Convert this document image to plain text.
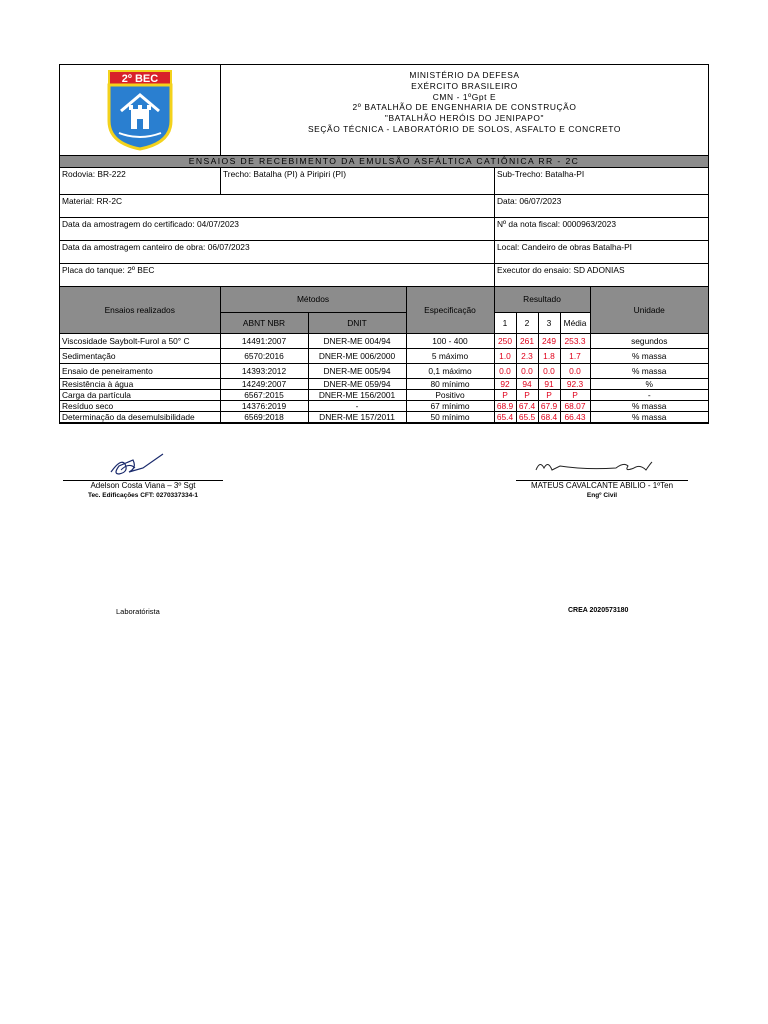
2º BEC	MINISTÉRIO DA DEFESA
EXÉRCITO BRASILEIRO
CMN - 1ºGpt E
2º BATALHÃO DE ENGENHARIA DE CONSTRUÇÃO
"BATALHÃO HERÓIS DO JENIPAPO"
SEÇÃO TÉCNICA - LABORATÓRIO DE SOLOS, ASFALTO E CONCRETO
ENSAIOS DE RECEBIMENTO DA EMULSÃO ASFÁLTICA CATIÔNICA RR - 2C
Rodovia: BR-222	Trecho: Batalha (PI) à Piripiri (PI)	Sub-Trecho: Batalha-PI
Material: RR-2C	Data: 06/07/2023
Data da amostragem do certificado: 04/07/2023	Nº da nota fiscal: 0000963/2023
Data da amostragem canteiro de obra: 06/07/2023	Local: Candeiro de obras Batalha-PI
Placa do tanque: 2º BEC	Executor do ensaio: SD ADONIAS
Ensaios realizados	Métodos		Especificação	Resultado				Unidade
	ABNT NBR	DNIT		1	2	3	Média	
Viscosidade Saybolt-Furol a 50° C	14491:2007	DNER-ME 004/94	100 - 400	250	261	249	253.3	segundos
Sedimentação	6570:2016	DNER-ME 006/2000	5 máximo	1.0	2.3	1.8	1.7	% massa
Ensaio de peneiramento	14393:2012	DNER-ME 005/94	0,1 máximo	0.0	0.0	0.0	0.0	% massa
Resistência à água	14249:2007	DNER-ME 059/94	80 mínimo	92	94	91	92.3	%
Carga da partícula	6567:2015	DNER-ME 156/2001	Positivo	P	P	P	P	-
Resíduo seco	14376:2019	-	67 mínimo	68.9	67.4	67.9	68.07	% massa
Determinação da desemulsibilidade	6569:2018	DNER-ME 157/2011	50 mínimo	65.4	65.5	68.4	66.43	% massa
Adelson Costa Viana – 3º Sgt
Tec. Edificações CFT: 0270337334-1
MATEUS CAVALCANTE ABILIO - 1ºTen
Engº Civil
Laboratórista	CREA 2020573180
